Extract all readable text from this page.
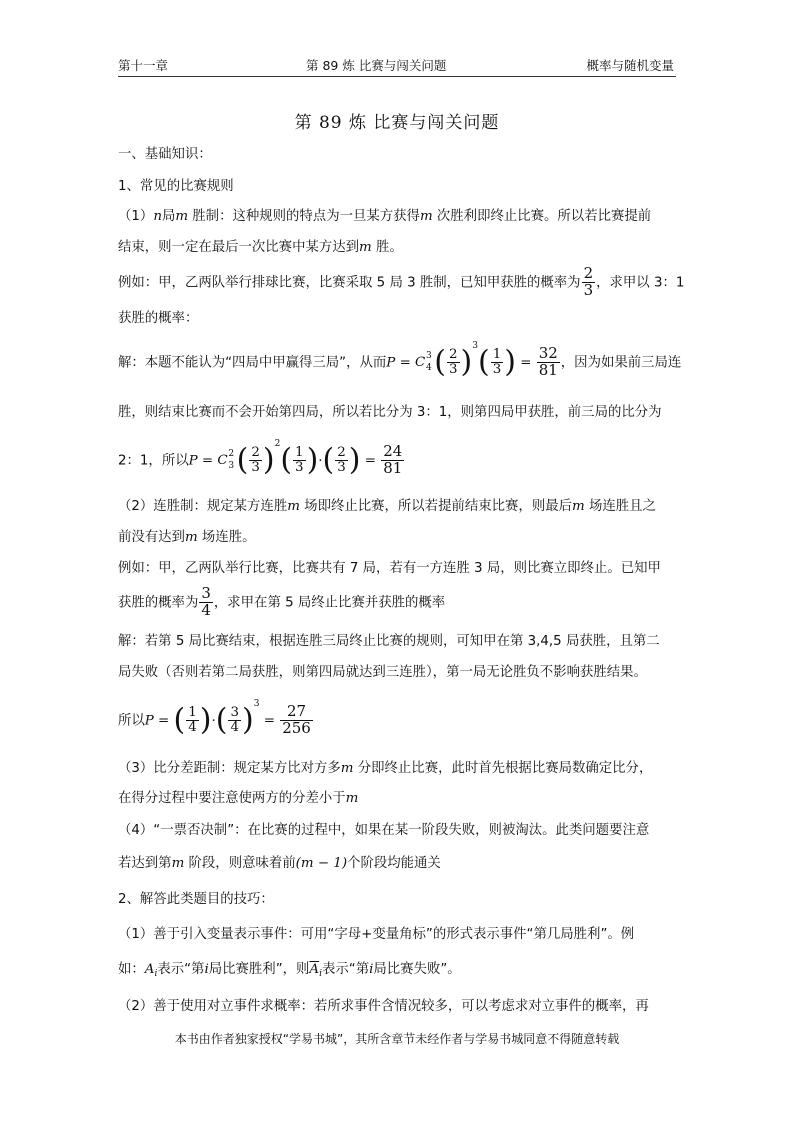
第十一章	第 89 炼 比赛与闯关问题	概率与随机变量
第 89 炼 比赛与闯关问题
一、基础知识：
1、常见的比赛规则
（1）n局m 胜制：这种规则的特点为一旦某方获得m 次胜利即终止比赛。所以若比赛提前
结束，则一定在最后一次比赛中某方达到m 胜。
例如：甲，乙两队举行排球比赛，比赛采取 5 局 3 胜制，已知甲获胜的概率为 $\frac{2}{3}$ ，求甲以 3：1
获胜的概率：
解：本题不能认为“四局中甲赢得三局”，从而P = C 3
4 ( $\frac{2}{3} )^3( \frac{1}{3}$ ) = $\frac{32}{81}$ ，因为如果前三局连
胜，则结束比赛而不会开始第四局，所以若比分为 3：1，则第四局甲获胜，前三局的比分为
2：1，所以P = C 2
3 ( $\frac{2}{3} )^2( \frac{1}{3}$ )·( $\frac{2}{3}$ ) = $\frac{24}{81}$
（2）连胜制：规定某方连胜m 场即终止比赛，所以若提前结束比赛，则最后m 场连胜且之
前没有达到m 场连胜。
例如：甲，乙两队举行比赛，比赛共有 7 局，若有一方连胜 3 局，则比赛立即终止。已知甲
获胜的概率为 $\frac{3}{4}$ ，求甲在第 5 局终止比赛并获胜的概率
解：若第 5 局比赛结束，根据连胜三局终止比赛的规则，可知甲在第 3,4,5 局获胜，且第二
局失败（否则若第二局获胜，则第四局就达到三连胜），第一局无论胜负不影响获胜结果。
所以P = ( $\frac{1}{4}$ )·( $\frac{3}{4} )^3 = \frac{27}{256}$
（3）比分差距制：规定某方比对方多m 分即终止比赛，此时首先根据比赛局数确定比分，
在得分过程中要注意使两方的分差小于m
（4）“一票否决制”：在比赛的过程中，如果在某一阶段失败，则被淘汰。此类问题要注意
若达到第m 阶段，则意味着前(m − 1)个阶段均能通关
2、解答此类题目的技巧：
（1）善于引入变量表示事件：可用“字母+变量角标”的形式表示事件“第几局胜利”。例
如：$A_i$表示“第i局比赛胜利”，则$\overline{A}_i$表示“第i局比赛失败”。
（2）善于使用对立事件求概率：若所求事件含情况较多，可以考虑求对立事件的概率，再
本书由作者独家授权“学易书城”，其所含章节未经作者与学易书城同意不得随意转载
